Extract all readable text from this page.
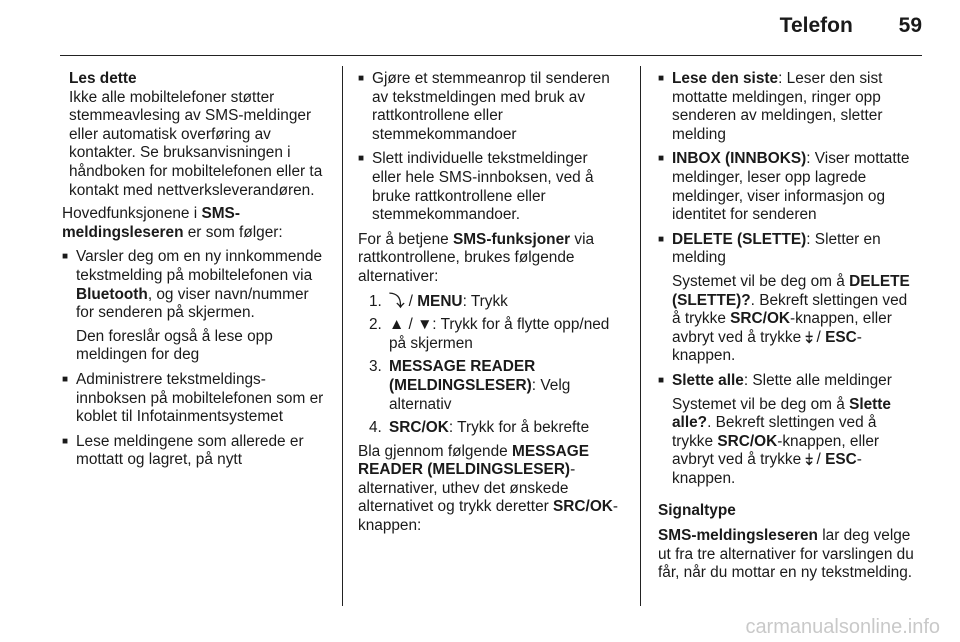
Telefon 59
Les dette
Ikke alle mobiltelefoner støtter stemmeavlesing av SMS-meldinger eller automatisk overføring av kontakter. Se bruksanvisningen i håndboken for mobiltelefonen eller ta kontakt med nettverksleverandøren.

Hovedfunksjonene i SMS-meldingsleseren er som følger:

■ Varsler deg om en ny innkommende tekstmelding på mobiltelefonen via Bluetooth, og viser navn/nummer for senderen på skjermen.

Den foreslår også å lese opp meldingen for deg

■ Administrere tekstmeldings-innboksen på mobiltelefonen som er koblet til Infotainmentsystemet
■ Lese meldingene som allerede er mottatt og lagret, på nytt
■ Gjøre et stemmeanrop til senderen av tekstmeldingen med bruk av rattkontrollene eller stemmekommandoer
■ Slett individuelle tekstmeldinger eller hele SMS-innboksen, ved å bruke rattkontrollene eller stemmekommandoer.

For å betjene SMS-funksjoner via rattkontrollene, brukes følgende alternativer:

1. ⤵ / MENU: Trykk
2. ▲ / ▼: Trykk for å flytte opp/ned på skjermen
3. MESSAGE READER (MELDINGSLESER): Velg alternativ
4. SRC/OK: Trykk for å bekrefte

Bla gjennom følgende MESSAGE READER (MELDINGSLESER)-alternativer, uthev det ønskede alternativet og trykk deretter SRC/OK-knappen:

■ Lese den siste: Leser den sist mottatte meldingen, ringer opp senderen av meldingen, sletter melding

■ INBOX (INNBOKS): Viser mottatte meldinger, leser opp lagrede meldinger, viser informasjon og identitet for senderen

■ DELETE (SLETTE): Sletter en melding

Systemet vil be deg om å DELETE (SLETTE)?. Bekreft slettingen ved å trykke SRC/OK-knappen, eller avbryt ved å trykke ⤈ / ESC-knappen.

■ Slette alle: Slette alle meldinger

Systemet vil be deg om å Slette alle?. Bekreft slettingen ved å trykke SRC/OK-knappen, eller avbryt ved å trykke ⤈ / ESC-knappen.

Signaltype

SMS-meldingsleseren lar deg velge ut fra tre alternativer for varslingen du får, når du mottar en ny tekstmelding.

carmanualsonline.info
